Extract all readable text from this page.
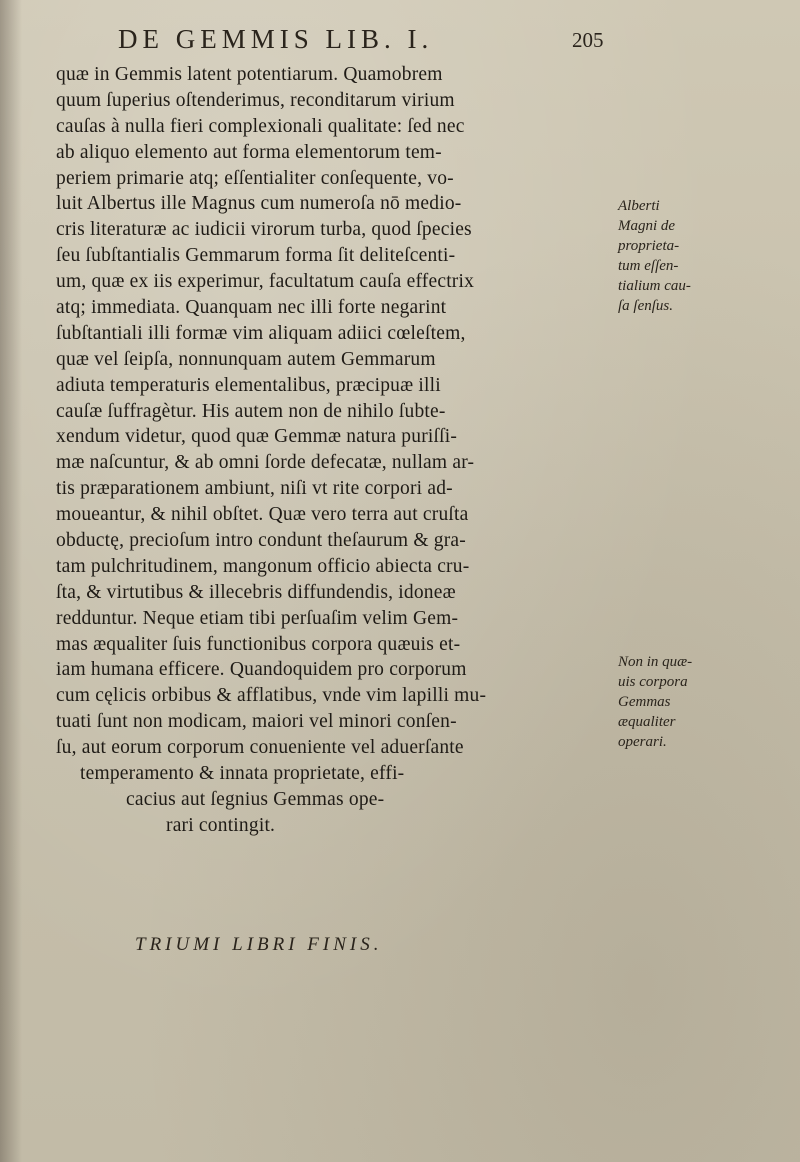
DE GEMMIS LIB. I.	205
quæ in Gemmis latent potentiarum. Quamobrem
quum ſuperius oſtenderimus, reconditarum virium
cauſas à nulla fieri complexionali qualitate: ſed nec
ab aliquo elemento aut forma elementorum tem-
periem primarie atq; eſſentialiter conſequente, vo-
luit Albertus ille Magnus cum numeroſa nō medio-
cris literaturæ ac iudicii virorum turba, quod ſpecies
ſeu ſubſtantialis Gemmarum forma ſit deliteſcenti-
um, quæ ex iis experimur, facultatum cauſa effectrix
atq; immediata. Quanquam nec illi forte negarint
ſubſtantiali illi formæ vim aliquam adiici cœleſtem,
quæ vel ſeipſa, nonnunquam autem Gemmarum
adiuta temperaturis elementalibus, præcipuæ illi
cauſæ ſuffragètur. His autem non de nihilo ſubte-
xendum videtur, quod quæ Gemmæ natura puriſſi-
mæ naſcuntur, & ab omni ſorde defecatæ, nullam ar-
tis præparationem ambiunt, niſi vt rite corpori ad-
moueantur, & nihil obſtet. Quæ vero terra aut cruſta
obductę, precioſum intro condunt theſaurum & gra-
tam pulchritudinem, mangonum officio abiecta cru-
ſta, & virtutibus & illecebris diffundendis, idoneæ
redduntur. Neque etiam tibi perſuaſim velim Gem-
mas æqualiter ſuis functionibus corpora quæuis et-
iam humana efficere. Quandoquidem pro corporum
cum cęlicis orbibus & afflatibus, vnde vim lapilli mu-
tuati ſunt non modicam, maiori vel minori conſen-
ſu, aut eorum corporum conueniente vel aduerſante
temperamento & innata proprietate, effi-
cacius aut ſegnius Gemmas ope-
rari contingit.
TRIUMI LIBRI FINIS.
Alberti
Magni de
proprieta-
tum eſſen-
tialium cau-
ſa ſenſus.
Non in quæ-
uis corpora
Gemmas
æqualiter
operari.
